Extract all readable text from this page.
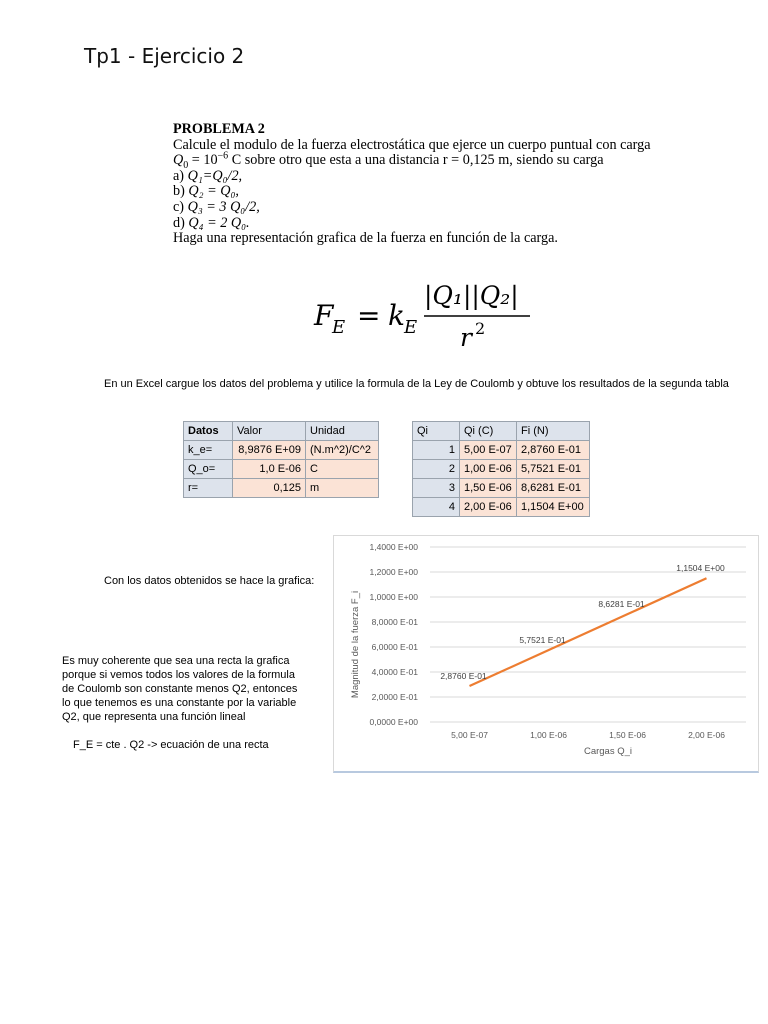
Tp1 - Ejercicio 2
PROBLEMA 2
Calcule el modulo de la fuerza electrostática que ejerce un cuerpo puntual con carga
$Q_0 = 10^{-6}$ C sobre otro que esta a una distancia r = 0,125 m, siendo su carga
a) Q₁=Q₀/2,
b) Q₂ = Q₀,
c) Q₃ = 3 Q₀/2,
d) Q₄ = 2 Q₀.
Haga una representación grafica de la fuerza en función de la carga.
F
E = k E
|Q₁||Q₂|
r 2
En un Excel cargue los datos del problema y utilice la formula de la Ley de Coulomb y obtuve los resultados de la segunda tabla
Datos	Valor	Unidad
k_e=	8,9876 E+09	(N.m^2)/C^2
Q_o=	1,0 E-06	C
r=	0,125	m
Qi	Qi (C)	Fi (N)
1	5,00 E-07	2,8760 E-01
2	1,00 E-06	5,7521 E-01
3	1,50 E-06	8,6281 E-01
4	2,00 E-06	1,1504 E+00
0,0000 E+00
2,0000 E-01
4,0000 E-01
6,0000 E-01
8,0000 E-01
1,0000 E+00
1,2000 E+00
1,4000 E+00
5,00 E-07	1,00 E-06	1,50 E-06	2,00 E-06
Cargas Q_i
Magnitud de la fuerza F_i	2,8760 E-01
5,7521 E-01
8,6281 E-01
1,1504 E+00
Con los datos obtenidos se hace la grafica:
Es muy coherente que sea una recta la grafica
porque si vemos todos los valores de la formula
de Coulomb son constante menos Q2, entonces
lo que tenemos es una constante por la variable
Q2, que representa una función lineal
F_E = cte . Q2 -> ecuación de una recta
